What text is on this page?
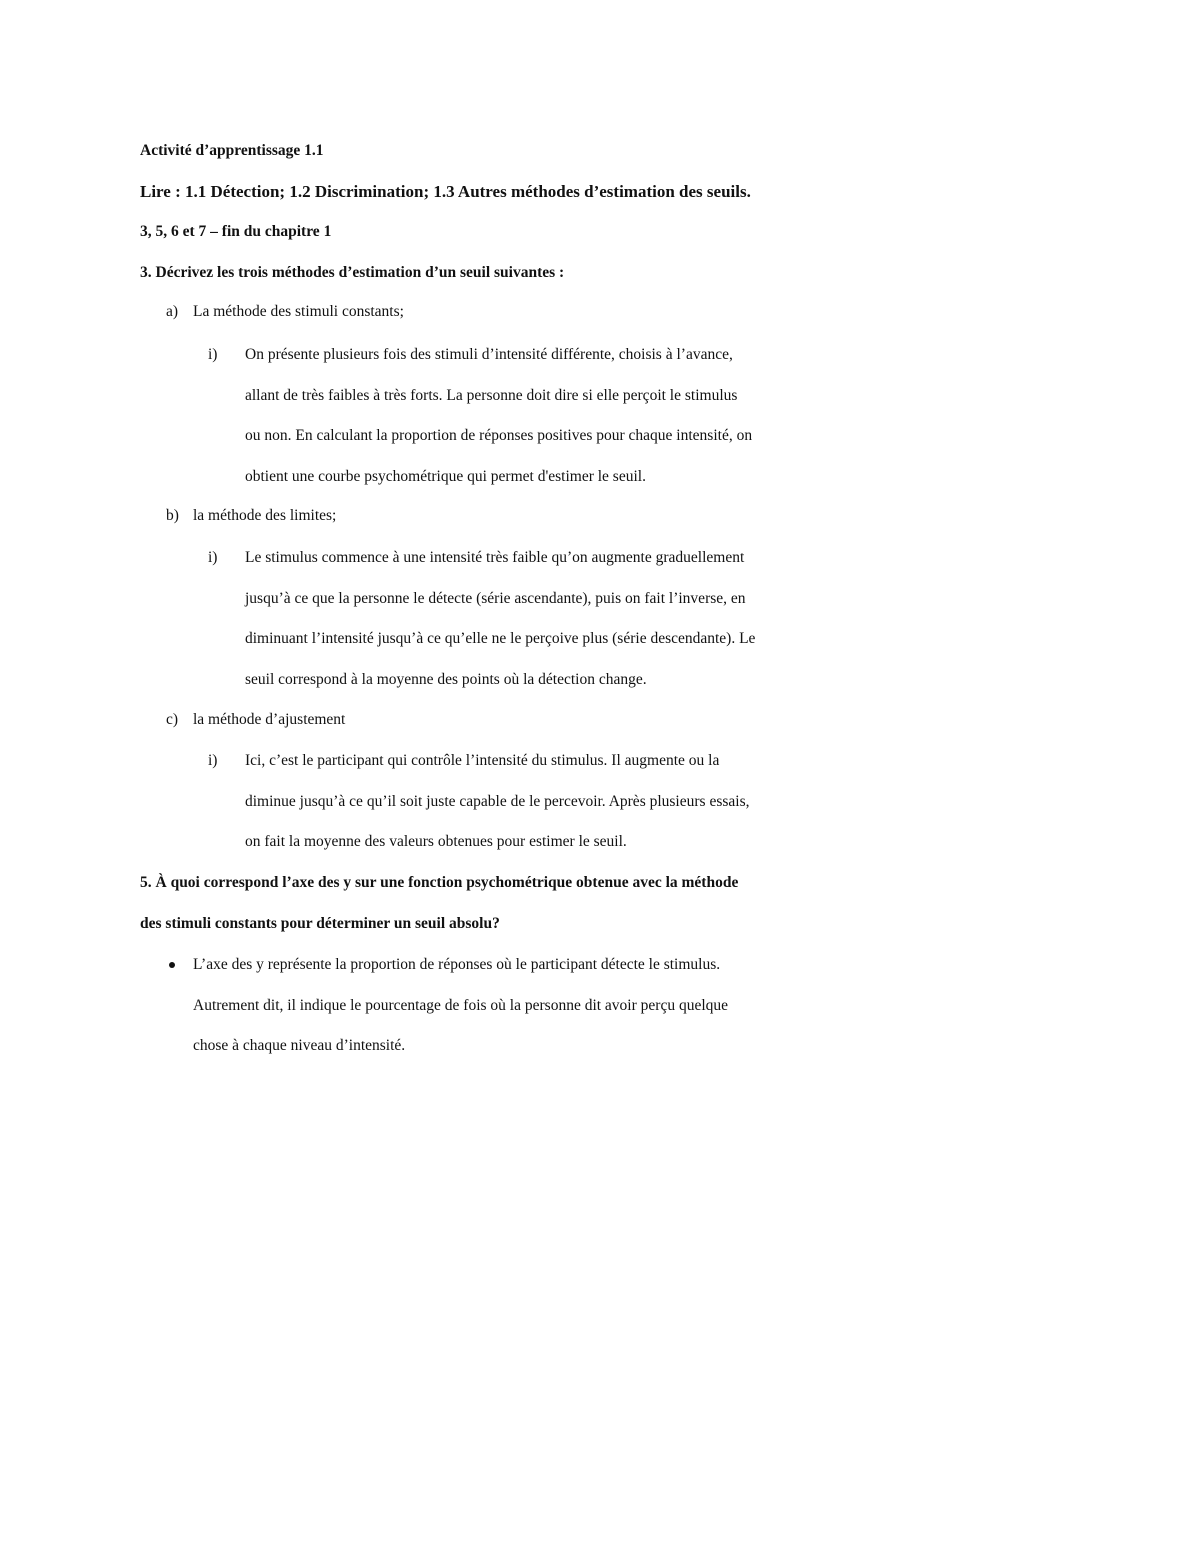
Activité d’apprentissage 1.1
Lire : 1.1 Détection; 1.2 Discrimination; 1.3 Autres méthodes d’estimation des seuils.
3, 5, 6 et 7 – fin du chapitre 1
3. Décrivez les trois méthodes d’estimation d’un seuil suivantes :
a) La méthode des stimuli constants;
i) On présente plusieurs fois des stimuli d’intensité différente, choisis à l’avance,
allant de très faibles à très forts. La personne doit dire si elle perçoit le stimulus
ou non. En calculant la proportion de réponses positives pour chaque intensité, on
obtient une courbe psychométrique qui permet d'estimer le seuil.
b) la méthode des limites;
i) Le stimulus commence à une intensité très faible qu’on augmente graduellement
jusqu’à ce que la personne le détecte (série ascendante), puis on fait l’inverse, en
diminuant l’intensité jusqu’à ce qu’elle ne le perçoive plus (série descendante). Le
seuil correspond à la moyenne des points où la détection change.
c) la méthode d’ajustement
i) Ici, c’est le participant qui contrôle l’intensité du stimulus. Il augmente ou la
diminue jusqu’à ce qu’il soit juste capable de le percevoir. Après plusieurs essais,
on fait la moyenne des valeurs obtenues pour estimer le seuil.
5. À quoi correspond l’axe des y sur une fonction psychométrique obtenue avec la méthode
des stimuli constants pour déterminer un seuil absolu?
L’axe des y représente la proportion de réponses où le participant détecte le stimulus.
Autrement dit, il indique le pourcentage de fois où la personne dit avoir perçu quelque
chose à chaque niveau d’intensité.
